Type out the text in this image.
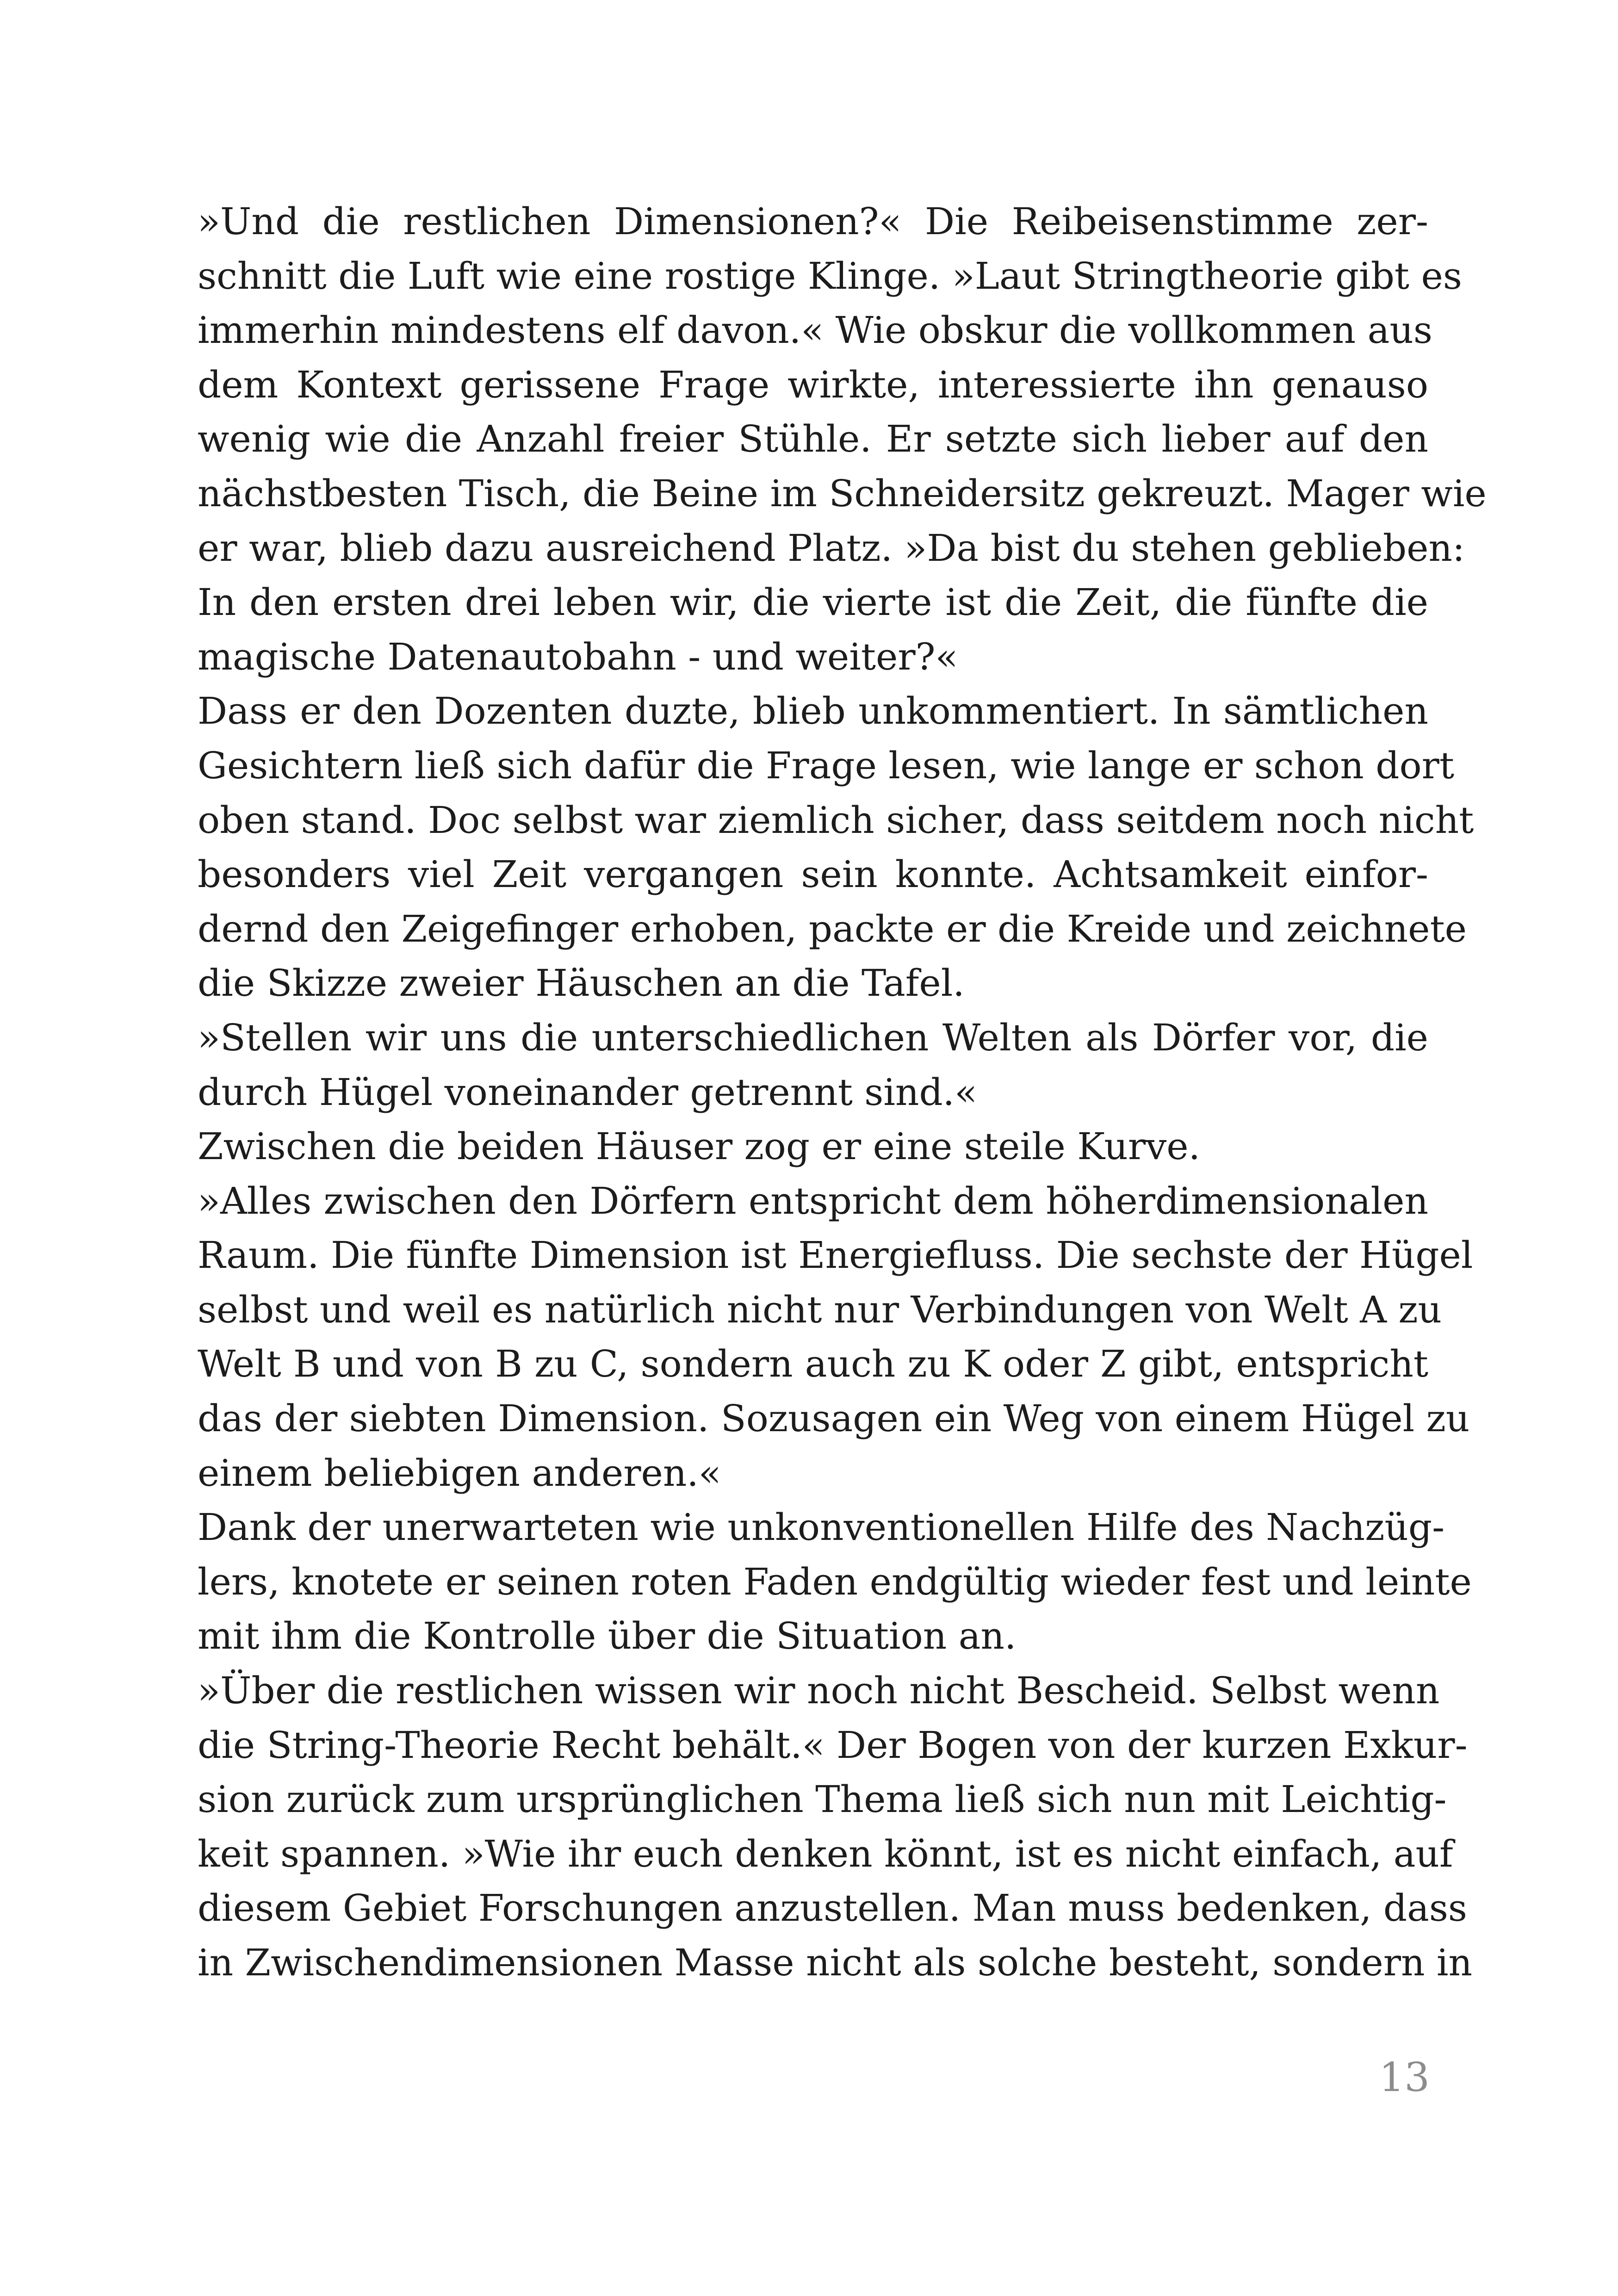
»Und die restlichen Dimensionen?« Die Reibeisenstimme zer-
schnitt die Luft wie eine rostige Klinge. »Laut Stringtheorie gibt es
immerhin mindestens elf davon.« Wie obskur die vollkommen aus
dem Kontext gerissene Frage wirkte, interessierte ihn genauso
wenig wie die Anzahl freier Stühle. Er setzte sich lieber auf den
nächstbesten Tisch, die Beine im Schneidersitz gekreuzt. Mager wie
er war, blieb dazu ausreichend Platz. »Da bist du stehen geblieben:
In den ersten drei leben wir, die vierte ist die Zeit, die fünfte die
magische Datenautobahn - und weiter?«
Dass er den Dozenten duzte, blieb unkommentiert. In sämtlichen
Gesichtern ließ sich dafür die Frage lesen, wie lange er schon dort
oben stand. Doc selbst war ziemlich sicher, dass seitdem noch nicht
besonders viel Zeit vergangen sein konnte. Achtsamkeit einfor-
dernd den Zeigefinger erhoben, packte er die Kreide und zeichnete
die Skizze zweier Häuschen an die Tafel.
»Stellen wir uns die unterschiedlichen Welten als Dörfer vor, die
durch Hügel voneinander getrennt sind.«
Zwischen die beiden Häuser zog er eine steile Kurve.
»Alles zwischen den Dörfern entspricht dem höherdimensionalen
Raum. Die fünfte Dimension ist Energiefluss. Die sechste der Hügel
selbst und weil es natürlich nicht nur Verbindungen von Welt A zu
Welt B und von B zu C, sondern auch zu K oder Z gibt, entspricht
das der siebten Dimension. Sozusagen ein Weg von einem Hügel zu
einem beliebigen anderen.«
Dank der unerwarteten wie unkonventionellen Hilfe des Nachzüg-
lers, knotete er seinen roten Faden endgültig wieder fest und leinte
mit ihm die Kontrolle über die Situation an.
»Über die restlichen wissen wir noch nicht Bescheid. Selbst wenn
die String-Theorie Recht behält.« Der Bogen von der kurzen Exkur-
sion zurück zum ursprünglichen Thema ließ sich nun mit Leichtig-
keit spannen. »Wie ihr euch denken könnt, ist es nicht einfach, auf
diesem Gebiet Forschungen anzustellen. Man muss bedenken, dass
in Zwischendimensionen Masse nicht als solche besteht, sondern in
13
